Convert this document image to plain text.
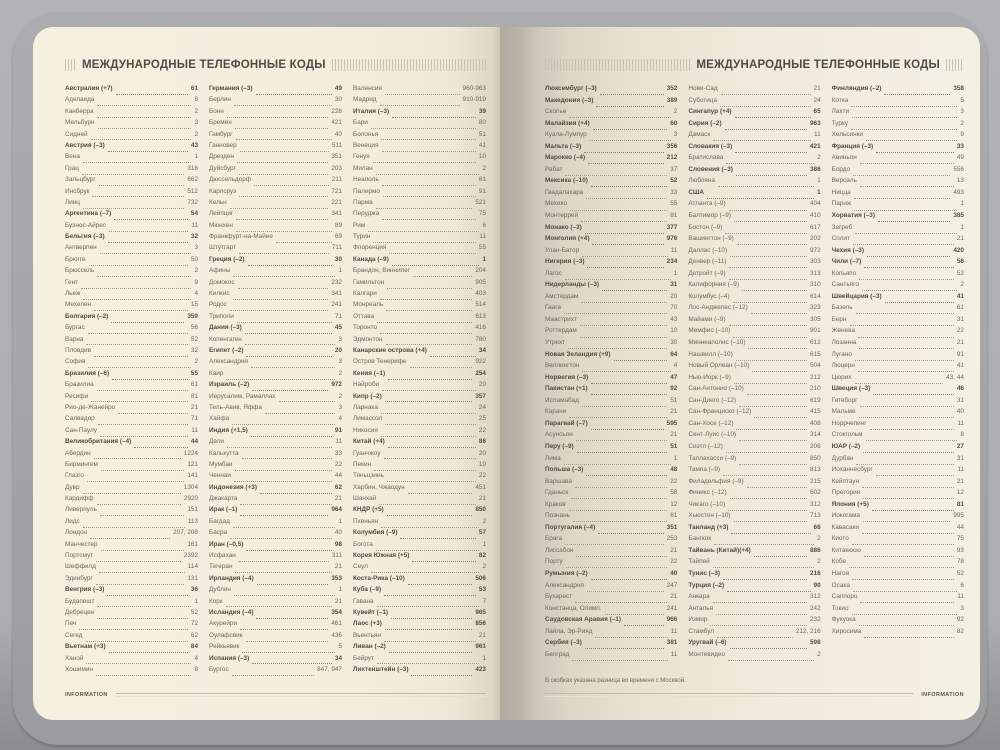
МЕЖДУНАРОДНЫЕ ТЕЛЕФОННЫЕ КОДЫ
Австралия (+7)	61
Аделаида	8
Канберра	2
Мельбурн	3
Сидней	2
Австрия (–3)	43
Вена	1
Грац	316
Зальцбург	662
Инсбрук	512
Линц	732
Аргентина (–7)	54
Буэнос-Айрес	11
Бельгия (–3)	32
Антверпен	3
Брюгге	50
Брюссель	2
Гент	9
Льеж	4
Мехелен	15
Болгария (–2)	359
Бургас	56
Варна	52
Пловдив	32
София	2
Бразилия (–6)	55
Бразилиа	61
Ресифи	81
Рио-де-Жанейро	21
Салвадор	71
Сан-Паулу	11
Великобритания (–4)	44
Абердин	1224
Бирмингем	121
Глазго	141
Дувр	1304
Кардифф	2920
Ливерпуль	151
Лидс	113
Лондон	207, 208
Манчестер	161
Портсмут	2392
Шеффилд	114
Эдинбург	131
Венгрия (–3)	36
Будапешт	1
Дебрецен	52
Печ	72
Сегед	62
Вьетнам (+3)	84
Ханой	4
Хошимин	8
Германия (–3)	49
Берлин	30
Бонн	228
Бремен	421
Гамбург	40
Ганновер	511
Дрезден	351
Дуйсбург	203
Дюссельдорф	211
Карлсруэ	721
Кельн	221
Лейпциг	341
Мюнхен	89
Франкфурт-на-Майне	69
Штутгарт	711
Греция (–2)	30
Афины	1
Домокос	232
Килкис	341
Родос	241
Триполи	71
Дания (–3)	45
Копенгаген	3
Египет (–2)	20
Александрия	3
Каир	2
Израиль (–2)	972
Иерусалим, Рамаллах	2
Тель-Авив, Яффа	3
Хайфа	4
Индия (+1,5)	91
Дели	11
Калькутта	33
Мумбаи	22
Ченнаи	44
Индонезия (+3)	62
Джакарта	21
Ирак (–1)	964
Багдад	1
Басра	40
Иран (–0,5)	98
Исфахан	311
Тегеран	21
Ирландия (–4)	353
Дублин	1
Корк	21
Исландия (–4)	354
Акурейри	461
Оулафсвик	436
Рейкьявик	5
Испания (–3)	34
Бургос	847, 947
Валенсия	960-963
Мадрид	910-919
Италия (–3)	39
Бари	80
Болонья	51
Венеция	41
Генуя	10
Милан	2
Неаполь	81
Палермо	91
Парма	521
Перуджа	75
Рим	6
Турин	11
Флоренция	55
Канада (–9)	1
Брандон, Виннипег	204
Гамильтон	905
Калгари	403
Монреаль	514
Оттава	613
Торонто	416
Эдмонтон	780
Канарские острова (+4)	34
Остров Тенерифе	922
Кения (–1)	254
Найроби	20
Кипр (–2)	357
Ларнака	24
Лимассол	25
Никосия	22
Китай (+4)	86
Гуанчжоу	20
Пекин	10
Тяньцзинь	22
Харбин, Чжаодун	451
Шанхай	21
КНДР (+5)	850
Пхеньян	2
Колумбия (–9)	57
Богота	1
Корея Южная (+5)	82
Сеул	2
Коста-Рика (–10)	506
Куба (–9)	53
Гавана	7
Кувейт (–1)	965
Лаос (+3)	856
Вьентьян	21
Ливан (–2)	961
Бейрут	1
Лихтенштейн (–3)	423
INFORMATION
МЕЖДУНАРОДНЫЕ ТЕЛЕФОННЫЕ КОДЫ
Люксембург (–3)	352
Македония (–3)	389
Скопье	2
Малайзия (+4)	60
Куала-Лумпур	3
Мальта (–3)	356
Марокко (–4)	212
Рабат	37
Мексика (–10)	52
Гвадалахара	33
Мехико	55
Монтеррей	81
Монако (–3)	377
Монголия (+4)	976
Улан-Батор	11
Нигерия (–3)	234
Лагос	1
Нидерланды (–3)	31
Амстердам	20
Гаага	70
Маастрихт	43
Роттердам	10
Утрехт	30
Новая Зеландия (+9)	64
Веллингтон	4
Норвегия (–3)	47
Пакистан (+1)	92
Исламабад	51
Карачи	21
Парагвай (–7)	595
Асунсьон	21
Перу (–9)	51
Лима	1
Польша (–3)	48
Варшава	22
Гданьск	58
Краков	12
Познань	61
Португалия (–4)	351
Брага	253
Лиссабон	21
Порту	22
Румыния (–2)	40
Александрия	247
Бухарест	21
Констанца, Олимп.	241
Саудовская Аравия (–1)	966
Лайла, Эр-Рияд	11
Сербия (–3)	381
Белград	11
Нови-Сад	21
Суботица	24
Сингапур (+4)	65
Сирия (–2)	963
Дамаск	11
Словакия (–3)	421
Братислава	2
Словения (–3)	386
Любляна	1
США	1
Атланта (–9)	404
Балтимор (–9)	410
Бостон (–9)	617
Вашингтон (–9)	202
Даллас (–10)	972
Денвер (–11)	303
Детройт (–9)	313
Калифорния (–9)	310
Колумбус (–4)	614
Лос-Анджелес (–12)	323
Майами (–9)	305
Мемфис (–10)	901
Миннеаполис (–10)	612
Нашвилл (–10)	615
Новый Орлеан (–10)	504
Нью-Йорк (–9)	212
Сан-Антонио (–10)	210
Сан-Диего (–12)	619
Сан-Франциско (–12)	415
Сан-Хосе (–12)	408
Сент-Луис (–10)	314
Сиэтл (–12)	206
Таллахасси (–9)	850
Тампа (–9)	813
Филадельфия (–9)	215
Финикс (–12)	602
Чикаго (–10)	312
Хьюстон (–10)	713
Таиланд (+3)	66
Бангкок	2
Тайвань (Китай)(+4)	886
Тайпей	2
Тунис (–3)	216
Турция (–2)	90
Анкара	312
Анталья	242
Измир	232
Стамбул	212, 216
Уругвай (–6)	598
Монтевидео	2
Финляндия (–2)	358
Котка	5
Лахти	3
Турку	2
Хельсинки	9
Франция (–3)	33
Авиньон	49
Бордо	556
Версаль	13
Ницца	493
Париж	1
Хорватия (–3)	385
Загреб	1
Сплит	21
Чехия (–3)	420
Чили (–7)	56
Копьяпо	52
Сантьяго	2
Швейцария (–3)	41
Базель	61
Берн	31
Женева	22
Лозанна	21
Лугано	91
Люцерн	41
Цюрих	43, 44
Швеция (–3)	46
Гетеборг	31
Мальме	40
Норрчепинг	11
Стокгольм	8
ЮАР (–2)	27
Дурбан	31
Йоханнесбург	11
Кейптаун	21
Претория	12
Япония (+5)	81
Йокогама	995
Кавасаки	44
Киото	75
Китакюсю	93
Кобе	78
Нагоя	52
Осака	6
Саппоро	11
Токио	3
Фукуока	92
Хиросима	82
В скобках указана разница во времени с Москвой.
INFORMATION
